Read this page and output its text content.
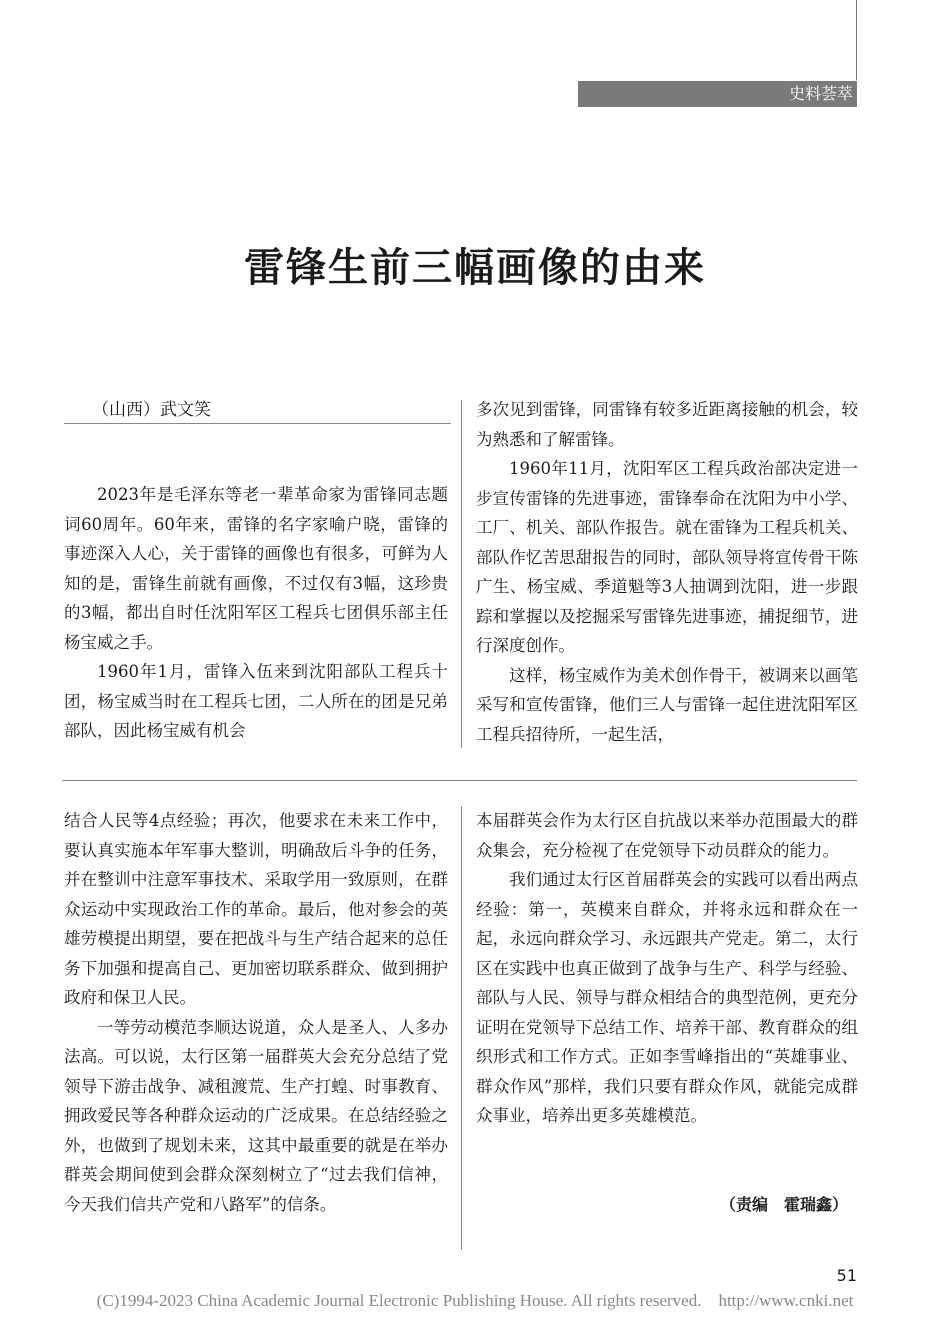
史料荟萃
雷锋生前三幅画像的由来
（山西）武文笑

2023年是毛泽东等老一辈革命家为雷锋同志题词60周年。60年来，雷锋的名字家喻户晓，雷锋的事迹深入人心，关于雷锋的画像也有很多，可鲜为人知的是，雷锋生前就有画像，不过仅有3幅，这珍贵的3幅，都出自时任沈阳军区工程兵七团俱乐部主任杨宝威之手。

1960年1月，雷锋入伍来到沈阳部队工程兵十团，杨宝威当时在工程兵七团，二人所在的团是兄弟部队，因此杨宝威有机会

多次见到雷锋，同雷锋有较多近距离接触的机会，较为熟悉和了解雷锋。

1960年11月，沈阳军区工程兵政治部决定进一步宣传雷锋的先进事迹，雷锋奉命在沈阳为中小学、工厂、机关、部队作报告。就在雷锋为工程兵机关、部队作忆苦思甜报告的同时，部队领导将宣传骨干陈广生、杨宝威、季道魁等3人抽调到沈阳，进一步跟踪和掌握以及挖掘采写雷锋先进事迹，捕捉细节，进行深度创作。

这样，杨宝威作为美术创作骨干，被调来以画笔采写和宣传雷锋，他们三人与雷锋一起住进沈阳军区工程兵招待所，一起生活，

结合人民等4点经验；再次，他要求在未来工作中，要认真实施本年军事大整训，明确敌后斗争的任务，并在整训中注意军事技术、采取学用一致原则，在群众运动中实现政治工作的革命。最后，他对参会的英雄劳模提出期望，要在把战斗与生产结合起来的总任务下加强和提高自己、更加密切联系群众、做到拥护政府和保卫人民。

一等劳动模范李顺达说道，众人是圣人、人多办法高。可以说，太行区第一届群英大会充分总结了党领导下游击战争、减租渡荒、生产打蝗、时事教育、拥政爱民等各种群众运动的广泛成果。在总结经验之外，也做到了规划未来，这其中最重要的就是在举办群英会期间使到会群众深刻树立了“过去我们信神，今天我们信共产党和八路军”的信条。

本届群英会作为太行区自抗战以来举办范围最大的群众集会，充分检视了在党领导下动员群众的能力。

我们通过太行区首届群英会的实践可以看出两点经验：第一，英模来自群众，并将永远和群众在一起，永远向群众学习、永远跟共产党走。第二，太行区在实践中也真正做到了战争与生产、科学与经验、部队与人民、领导与群众相结合的典型范例，更充分证明在党领导下总结工作、培养干部、教育群众的组织形式和工作方式。正如李雪峰指出的“英雄事业、群众作风”那样，我们只要有群众作风，就能完成群众事业，培养出更多英雄模范。

（责编　霍瑞鑫）
51
(C)1994-2023 China Academic Journal Electronic Publishing House. All rights reserved.    http://www.cnki.net
